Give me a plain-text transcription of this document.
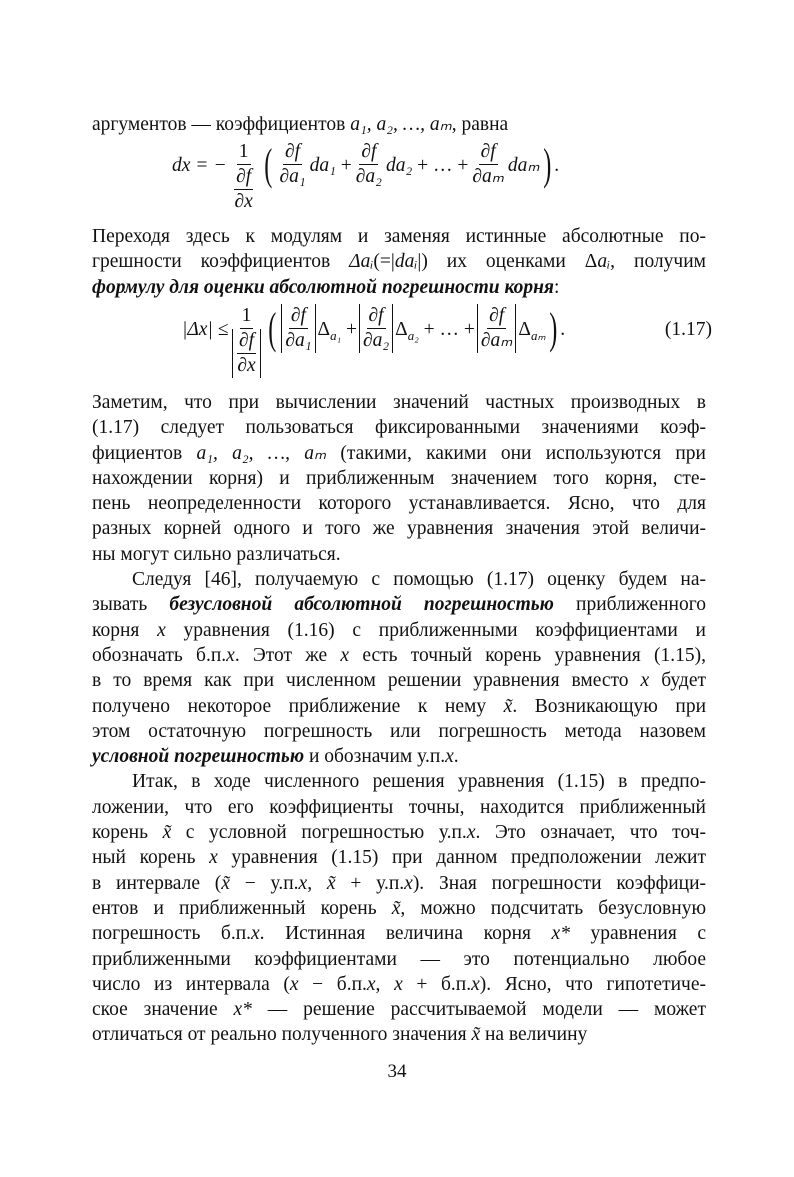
аргументов — коэффициентов a₁, a₂, …, aₘ, равна
dx = − $\frac{1}{\frac{\partial f}{\partial x}}$ ( $\frac{\partial f}{\text{∂a₁}} da_1$
+ $\frac{\partial f}{\text{∂a₂}} da_2$
+ … + $\frac{\partial f}{\text{∂aₘ}}$ daₘ ) .
Переходя здесь к модулям и заменяя истинные абсолютные по-
грешности коэффициентов Δaᵢ(=|daᵢ|) их оценками Δaᵢ, получим
формулу для оценки абсолютной погрешности корня:
$|\Delta x| \le \frac{1}{\frac{\partial f}{\partial x}}$ ( $\frac{\partial f}{\text{∂a₁}} \Delta_{a_1} + \frac{\partial f}{\text{∂a₂}} \Delta_{a_2}$ + … + $\frac{\partial f}{\text{∂aₘ}} \Delta_{a_m}$ ) .	(1.17)
Заметим, что при вычислении значений частных производных в
(1.17) следует пользоваться фиксированными значениями коэф-
фициентов a₁, a₂, …, aₘ (такими, какими они используются при
нахождении корня) и приближенным значением того корня, сте-
пень неопределенности которого устанавливается. Ясно, что для
разных корней одного и того же уравнения значения этой величи-
ны могут сильно различаться.
Следуя [46], получаемую с помощью (1.17) оценку будем на-
зывать безусловной абсолютной погрешностью приближенного
корня x уравнения (1.16) с приближенными коэффициентами и
обозначать б.п.x. Этот же x есть точный корень уравнения (1.15),
в то время как при численном решении уравнения вместо x будет
получено некоторое приближение к нему x̃. Возникающую при
этом остаточную погрешность или погрешность метода назовем
условной погрешностью и обозначим у.п.x.
Итак, в ходе численного решения уравнения (1.15) в предпо-
ложении, что его коэффициенты точны, находится приближенный
корень x̃ с условной погрешностью у.п.x. Это означает, что точ-
ный корень x уравнения (1.15) при данном предположении лежит
в интервале (x̃ − у.п.x, x̃ + у.п.x). Зная погрешности коэффици-
ентов и приближенный корень x̃, можно подсчитать безусловную
погрешность б.п.x. Истинная величина корня x* уравнения с
приближенными коэффициентами — это потенциально любое
число из интервала (x − б.п.x, x + б.п.x). Ясно, что гипотетиче-
ское значение x* — решение рассчитываемой модели — может
отличаться от реально полученного значения x̃ на величину
34
